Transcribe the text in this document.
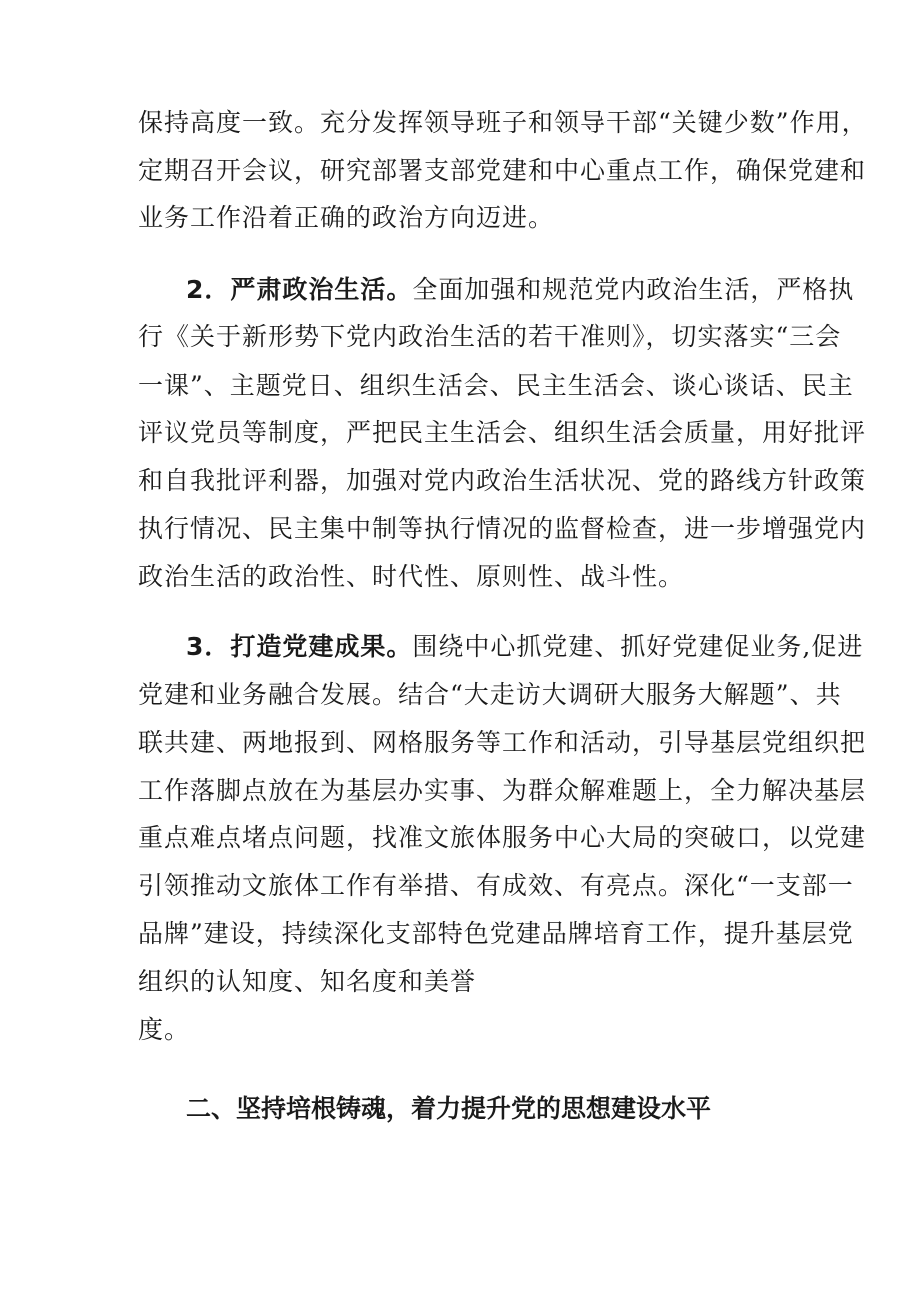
保持高度一致。充分发挥领导班子和领导干部“关键少数”作用，
定期召开会议，研究部署支部党建和中心重点工作，确保党建和
业务工作沿着正确的政治方向迈进。
2．严肃政治生活。全面加强和规范党内政治生活，严格执
行《关于新形势下党内政治生活的若干准则》，切实落实“三会
一课”、主题党日、组织生活会、民主生活会、谈心谈话、民主
评议党员等制度，严把民主生活会、组织生活会质量，用好批评
和自我批评利器，加强对党内政治生活状况、党的路线方针政策
执行情况、民主集中制等执行情况的监督检查，进一步增强党内
政治生活的政治性、时代性、原则性、战斗性。
3．打造党建成果。围绕中心抓党建、抓好党建促业务,促进
党建和业务融合发展。结合“大走访大调研大服务大解题”、共
联共建、两地报到、网格服务等工作和活动，引导基层党组织把
工作落脚点放在为基层办实事、为群众解难题上，全力解决基层
重点难点堵点问题，找准文旅体服务中心大局的突破口，以党建
引领推动文旅体工作有举措、有成效、有亮点。深化“一支部一
品牌”建设，持续深化支部特色党建品牌培育工作，提升基层党
组织的认知度、知名度和美誉
度。
二、坚持培根铸魂，着力提升党的思想建设水平
